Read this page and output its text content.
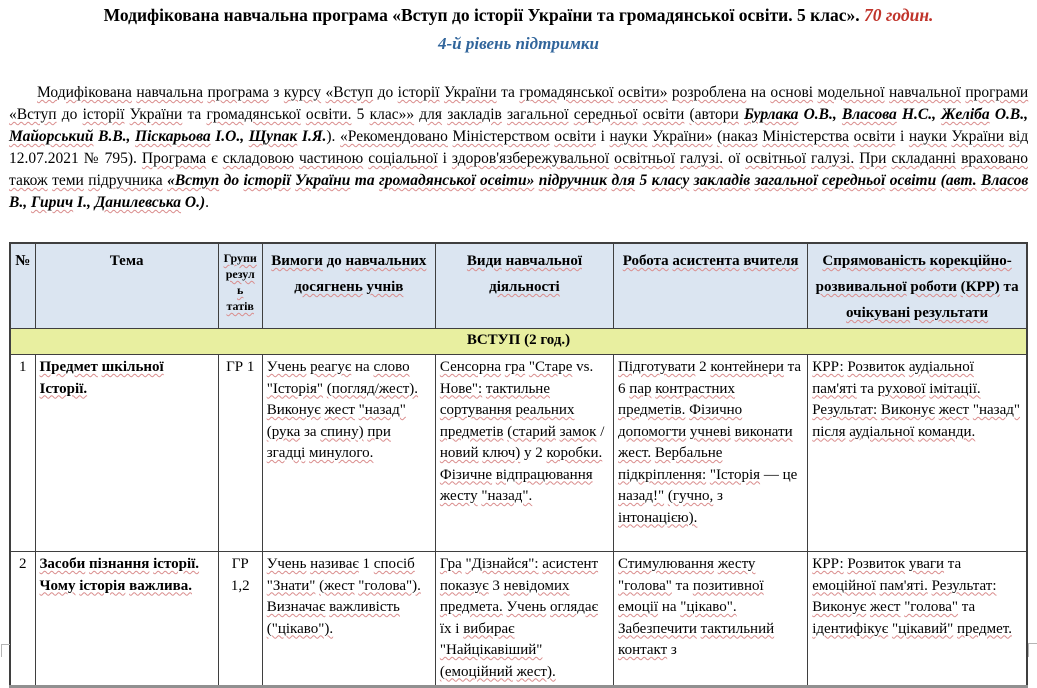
Модифікована навчальна програма «Вступ до історії України та громадянської освіти. 5 клас». 70 годин.
4-й рівень підтримки

Модифікована навчальна програма з курсу «Вступ до історії України та громадянської освіти» розроблена на основі модельної навчальної програми «Вступ до історії України та громадянської освіти. 5 клас»» для закладів загальної середньої освіти (автори Бурлака О.В., Власова Н.С., Желіба О.В., Майорський В.В., Піскарьова І.О., Щупак І.Я.). «Рекомендовано Міністерством освіти і науки України» (наказ Міністерства освіти і науки України від 12.07.2021 № 795). Програма є складовою частиною соціальної і здоров'язбережувальної освітньої галузі. ої освітньої галузі. При складанні враховано також теми підручника «Вступ до історії України та громадянської освіти» підручник для 5 класу закладів загальної середньої освіти (авт. Власов В., Гирич І., Данилевська О.).

№	Тема	Групи резуль татів	Вимоги до навчальних досягнень учнів	Види навчальної діяльності	Робота асистента вчителя	Спрямованість корекційно-розвивальної роботи (КРР) та очікувані результати
ВСТУП (2 год.)						
1	Предмет шкільної Історії.	ГР 1	Учень реагує на слово "Історія" (погляд/жест). Виконує жест "назад" (рука за спину) при згадці минулого.	Сенсорна гра "Старе vs. Нове": тактильне сортування реальних предметів (старий замок / новий ключ) у 2 коробки. Фізичне відпрацювання жесту "назад".	Підготувати 2 контейнери та 6 пар контрастних предметів. Фізично допомогти учневі виконати жест. Вербальне підкріплення: "Історія — це назад!" (гучно, з інтонацією).	КРР: Розвиток аудіальної пам'яті та рухової імітації. Результат: Виконує жест "назад" після аудіальної команди.
2	Засоби пізнання історії. Чому історія важлива.	ГР 1,2	Учень називає 1 спосіб "Знати" (жест "голова"). Визначає важливість ("цікаво").	Гра "Дізнайся": асистент показує 3 невідомих предмета. Учень оглядає їх і вибирає "Найцікавіший" (емоційний жест).	Стимулювання жесту "голова" та позитивної емоції на "цікаво". Забезпечити тактильний контакт з	КРР: Розвиток уваги та емоційної пам'яті. Результат: Виконує жест "голова" та ідентифікує "цікавий" предмет.
